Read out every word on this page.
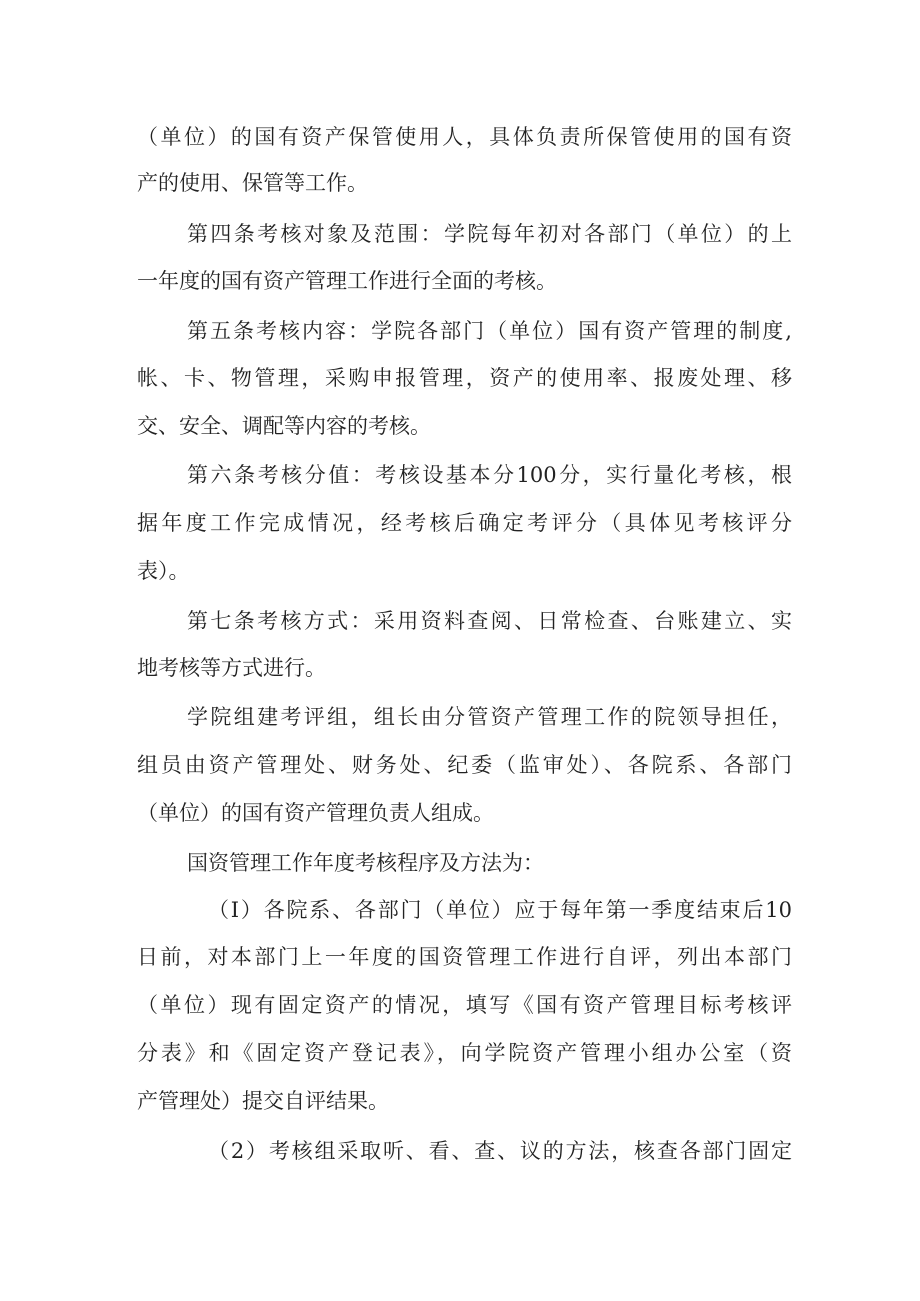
（单位）的国有资产保管使用人，具体负责所保管使用的国有资

产的使用、保管等工作。

第四条考核对象及范围：学院每年初对各部门（单位）的上

一年度的国有资产管理工作进行全面的考核。

第五条考核内容：学院各部门（单位）国有资产管理的制度,

帐、卡、物管理，采购申报管理，资产的使用率、报废处理、移

交、安全、调配等内容的考核。

第六条考核分值：考核设基本分100分，实行量化考核，根

据年度工作完成情况，经考核后确定考评分（具体见考核评分

表）。

第七条考核方式：采用资料查阅、日常检查、台账建立、实

地考核等方式进行。

学院组建考评组，组长由分管资产管理工作的院领导担任，

组员由资产管理处、财务处、纪委（监审处）、各院系、各部门

（单位）的国有资产管理负责人组成。

国资管理工作年度考核程序及方法为：

（I）各院系、各部门（单位）应于每年第一季度结束后10

日前，对本部门上一年度的国资管理工作进行自评，列出本部门

（单位）现有固定资产的情况，填写《国有资产管理目标考核评

分表》和《固定资产登记表》，向学院资产管理小组办公室（资

产管理处）提交自评结果。

（2）考核组采取听、看、查、议的方法，核查各部门固定
